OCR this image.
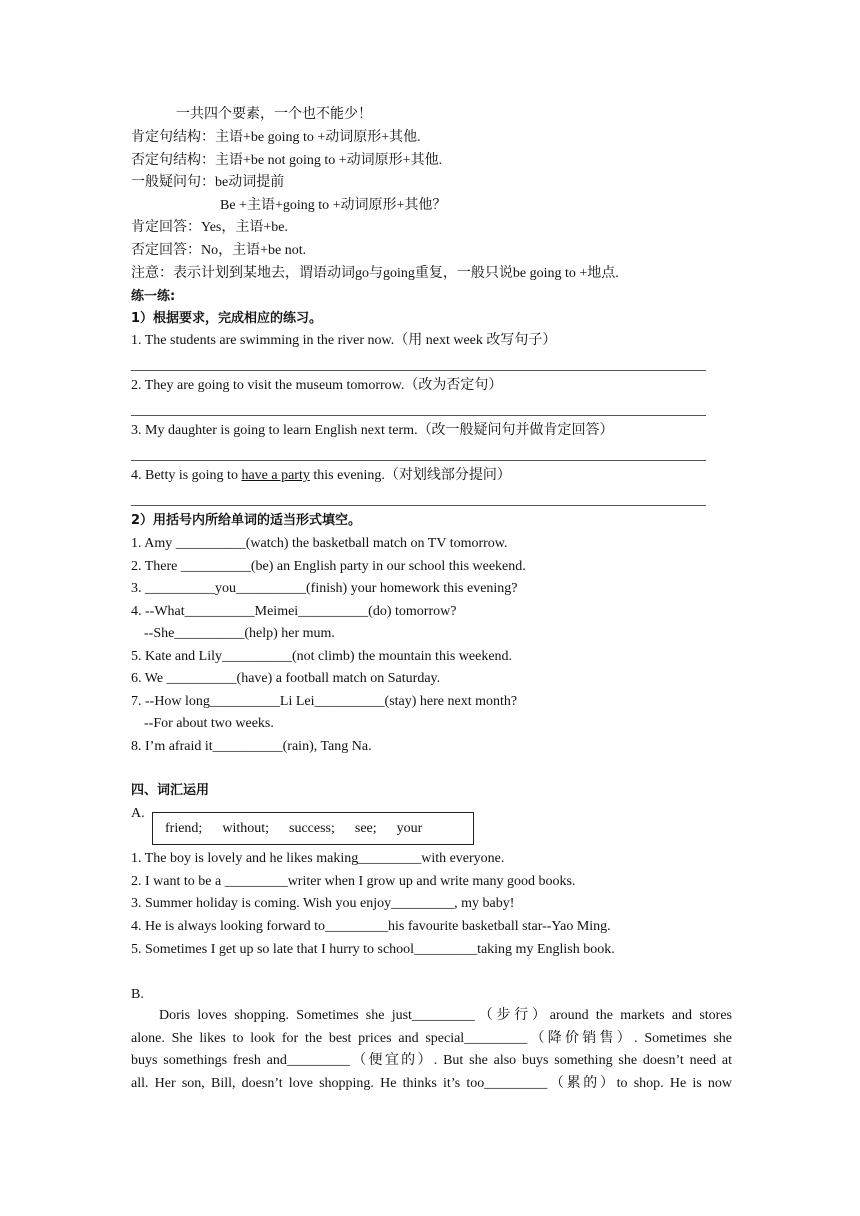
一共四个要素，一个也不能少！
肯定句结构：主语+be going to +动词原形+其他.
否定句结构：主语+be not going to +动词原形+其他.
一般疑问句：be动词提前
Be +主语+going to +动词原形+其他？
肯定回答：Yes，主语+be.
否定回答：No，主语+be not.
注意：表示计划到某地去，谓语动词go与going重复，一般只说be going to +地点.
练一练:
1）根据要求，完成相应的练习。
1. The students are swimming in the river now.（用 next week 改写句子）
2. They are going to visit the museum tomorrow.（改为否定句）
3. My daughter is going to learn English next term.（改一般疑问句并做肯定回答）
4. Betty is going to have a party this evening.（对划线部分提问）
2）用括号内所给单词的适当形式填空。
1. Amy __________(watch) the basketball match on TV tomorrow.
2. There __________(be) an English party in our school this weekend.
3. __________you__________(finish) your homework this evening?
4. --What__________Meimei__________(do) tomorrow?
--She__________(help) her mum.
5. Kate and Lily__________(not climb) the mountain this weekend.
6. We __________(have) a football match on Saturday.
7. --How long__________Li Lei__________(stay) here next month?
--For about two weeks.
8. I’m afraid it__________(rain), Tang Na.
四、词汇运用
A.
friend; without; success; see; your
1. The boy is lovely and he likes making_________with everyone.
2. I want to be a _________writer when I grow up and write many good books.
3. Summer holiday is coming. Wish you enjoy_________, my baby!
4. He is always looking forward to_________his favourite basketball star--Yao Ming.
5. Sometimes I get up so late that I hurry to school_________taking my English book.
B.
Doris loves shopping. Sometimes she just_________（步行）around the markets and stores
alone. She likes to look for the best prices and special_________（降价销售）. Sometimes she
buys somethings fresh and_________（便宜的）. But she also buys something she doesn’t need at
all. Her son, Bill, doesn’t love shopping. He thinks it’s too_________（累的）to shop. He is now
